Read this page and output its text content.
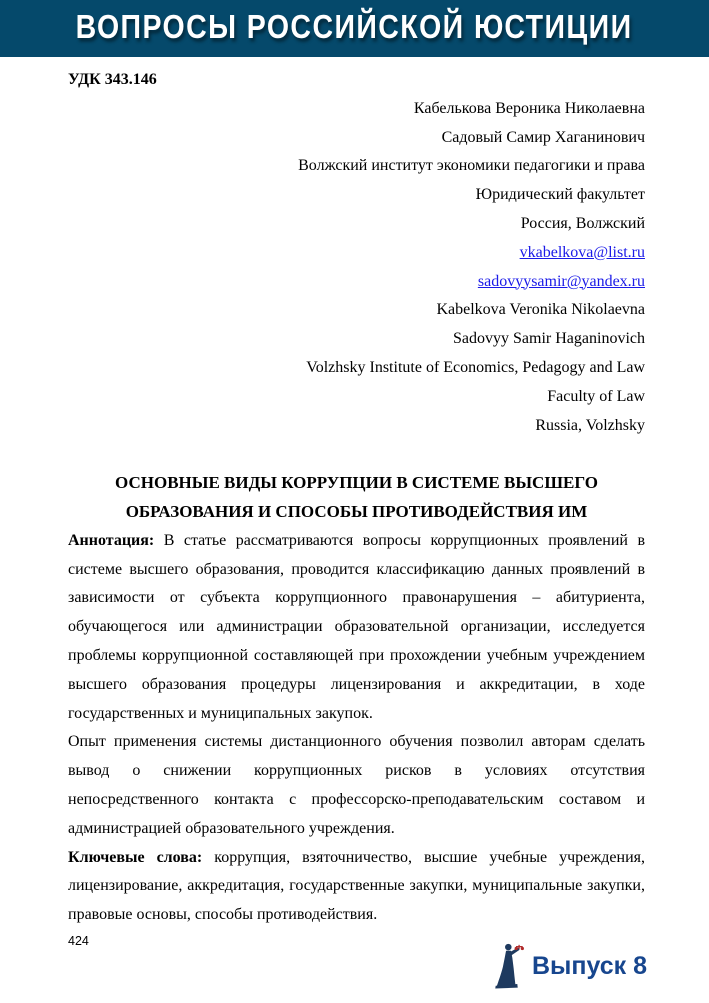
ВОПРОСЫ РОССИЙСКОЙ ЮСТИЦИИ
УДК 343.146
Кабелькова Вероника Николаевна
Садовый Самир Хаганинович
Волжский институт экономики педагогики и права
Юридический факультет
Россия, Волжский
vkabelkova@list.ru
sadovyysamir@yandex.ru
Kabelkova Veronika Nikolaevna
Sadovyy Samir Haganinovich
Volzhsky Institute of Economics, Pedagogy and Law
Faculty of Law
Russia, Volzhsky
ОСНОВНЫЕ ВИДЫ КОРРУПЦИИ В СИСТЕМЕ ВЫСШЕГО
ОБРАЗОВАНИЯ И СПОСОБЫ ПРОТИВОДЕЙСТВИЯ ИМ

Аннотация: В статье рассматриваются вопросы коррупционных проявлений в системе высшего образования, проводится классификацию данных проявлений в зависимости от субъекта коррупционного правонарушения – абитуриента, обучающегося или администрации образовательной организации, исследуется проблемы коррупционной составляющей при прохождении учебным учреждением высшего образования процедуры лицензирования и аккредитации, в ходе государственных и муниципальных закупок.

Опыт применения системы дистанционного обучения позволил авторам сделать вывод о снижении коррупционных рисков в условиях отсутствия непосредственного контакта с профессорско-преподавательским составом и администрацией образовательного учреждения.

Ключевые слова: коррупция, взяточничество, высшие учебные учреждения, лицензирование, аккредитация, государственные закупки, муниципальные закупки, правовые основы, способы противодействия.

424
Выпуск 8
